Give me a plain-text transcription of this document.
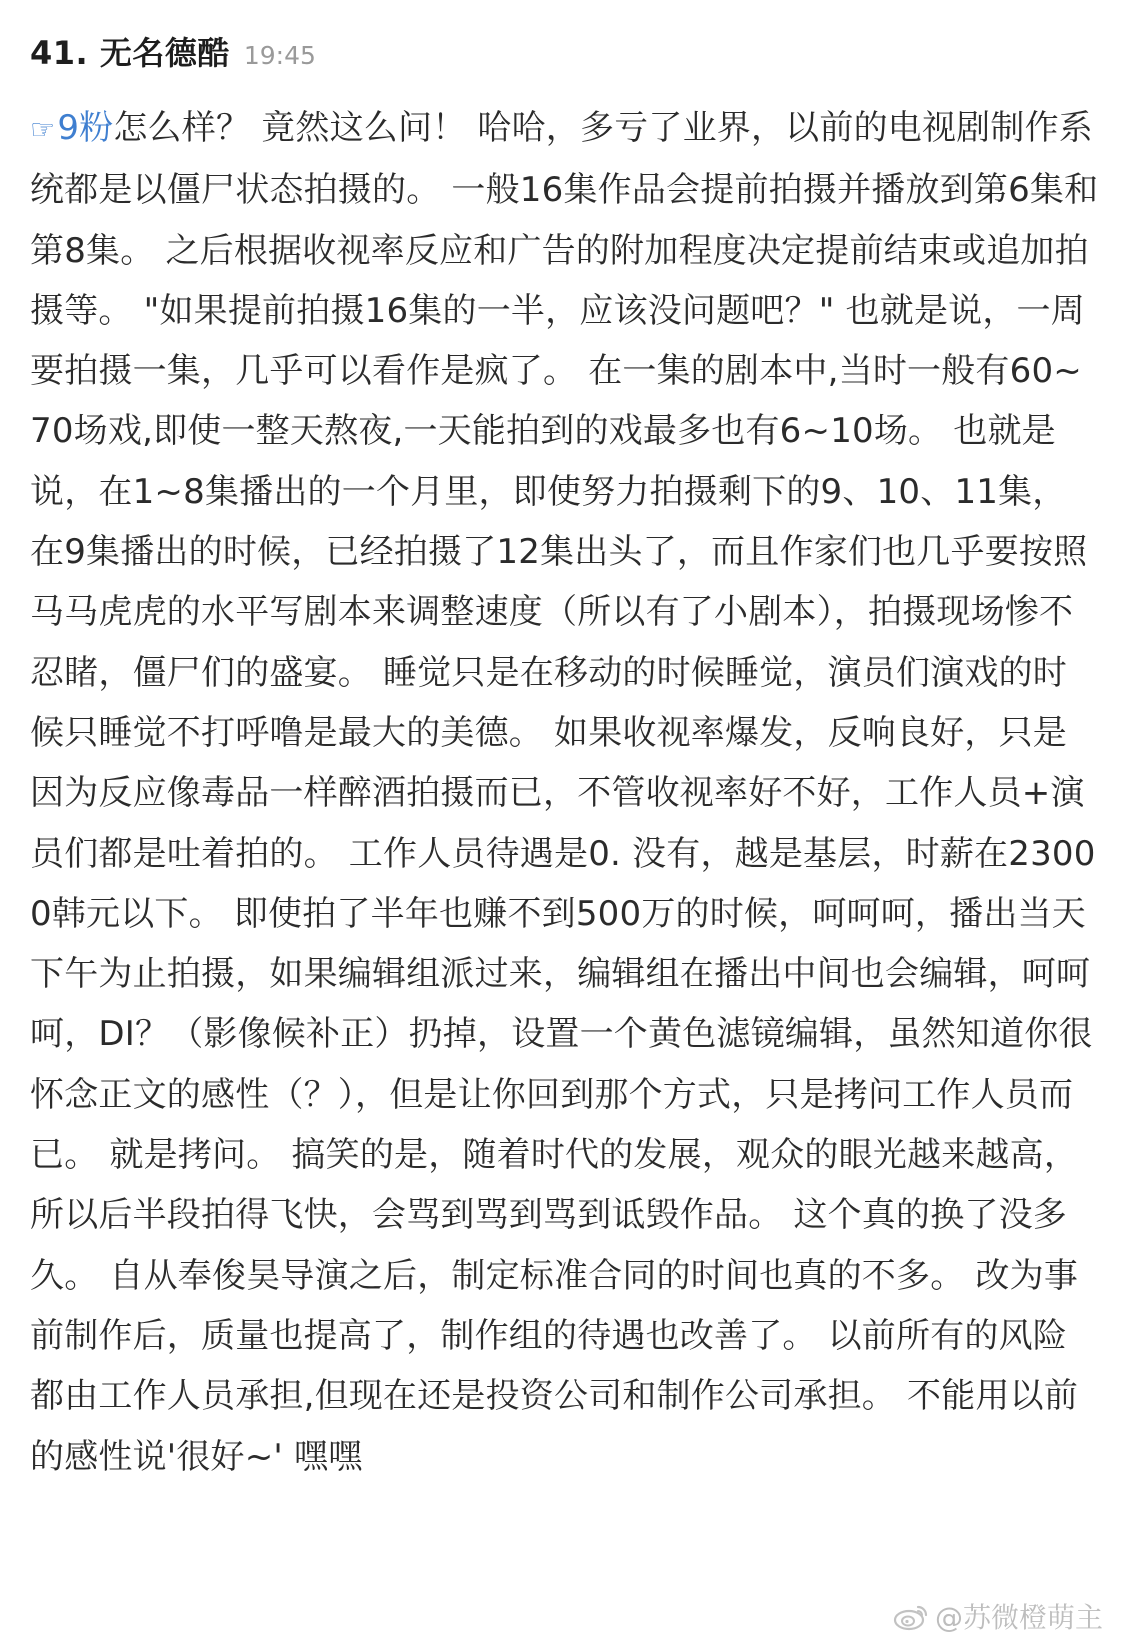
41. 无名德酷 19:45
☞9粉怎么样？ 竟然这么问！ 哈哈，多亏了业界，以前的电视剧制作系统都是以僵尸状态拍摄的。 一般16集作品会提前拍摄并播放到第6集和第8集。 之后根据收视率反应和广告的附加程度决定提前结束或追加拍摄等。 "如果提前拍摄16集的一半，应该没问题吧？" 也就是说，一周要拍摄一集，几乎可以看作是疯了。 在一集的剧本中,当时一般有60~70场戏,即使一整天熬夜,一天能拍到的戏最多也有6~10场。 也就是说，在1~8集播出的一个月里，即使努力拍摄剩下的9、10、11集，在9集播出的时候，已经拍摄了12集出头了，而且作家们也几乎要按照马马虎虎的水平写剧本来调整速度（所以有了小剧本），拍摄现场惨不忍睹，僵尸们的盛宴。 睡觉只是在移动的时候睡觉，演员们演戏的时候只睡觉不打呼噜是最大的美德。 如果收视率爆发，反响良好，只是因为反应像毒品一样醉酒拍摄而已，不管收视率好不好，工作人员+演员们都是吐着拍的。 工作人员待遇是0. 没有，越是基层，时薪在23000韩元以下。 即使拍了半年也赚不到500万的时候，呵呵呵，播出当天下午为止拍摄，如果编辑组派过来，编辑组在播出中间也会编辑，呵呵呵，DI？（影像候补正）扔掉，设置一个黄色滤镜编辑，虽然知道你很怀念正文的感性（？），但是让你回到那个方式，只是拷问工作人员而已。 就是拷问。 搞笑的是，随着时代的发展，观众的眼光越来越高，所以后半段拍得飞快，会骂到骂到骂到诋毁作品。 这个真的换了没多久。 自从奉俊昊导演之后，制定标准合同的时间也真的不多。 改为事前制作后，质量也提高了，制作组的待遇也改善了。 以前所有的风险都由工作人员承担,但现在还是投资公司和制作公司承担。 不能用以前的感性说'很好~' 嘿嘿
@苏微橙萌主
